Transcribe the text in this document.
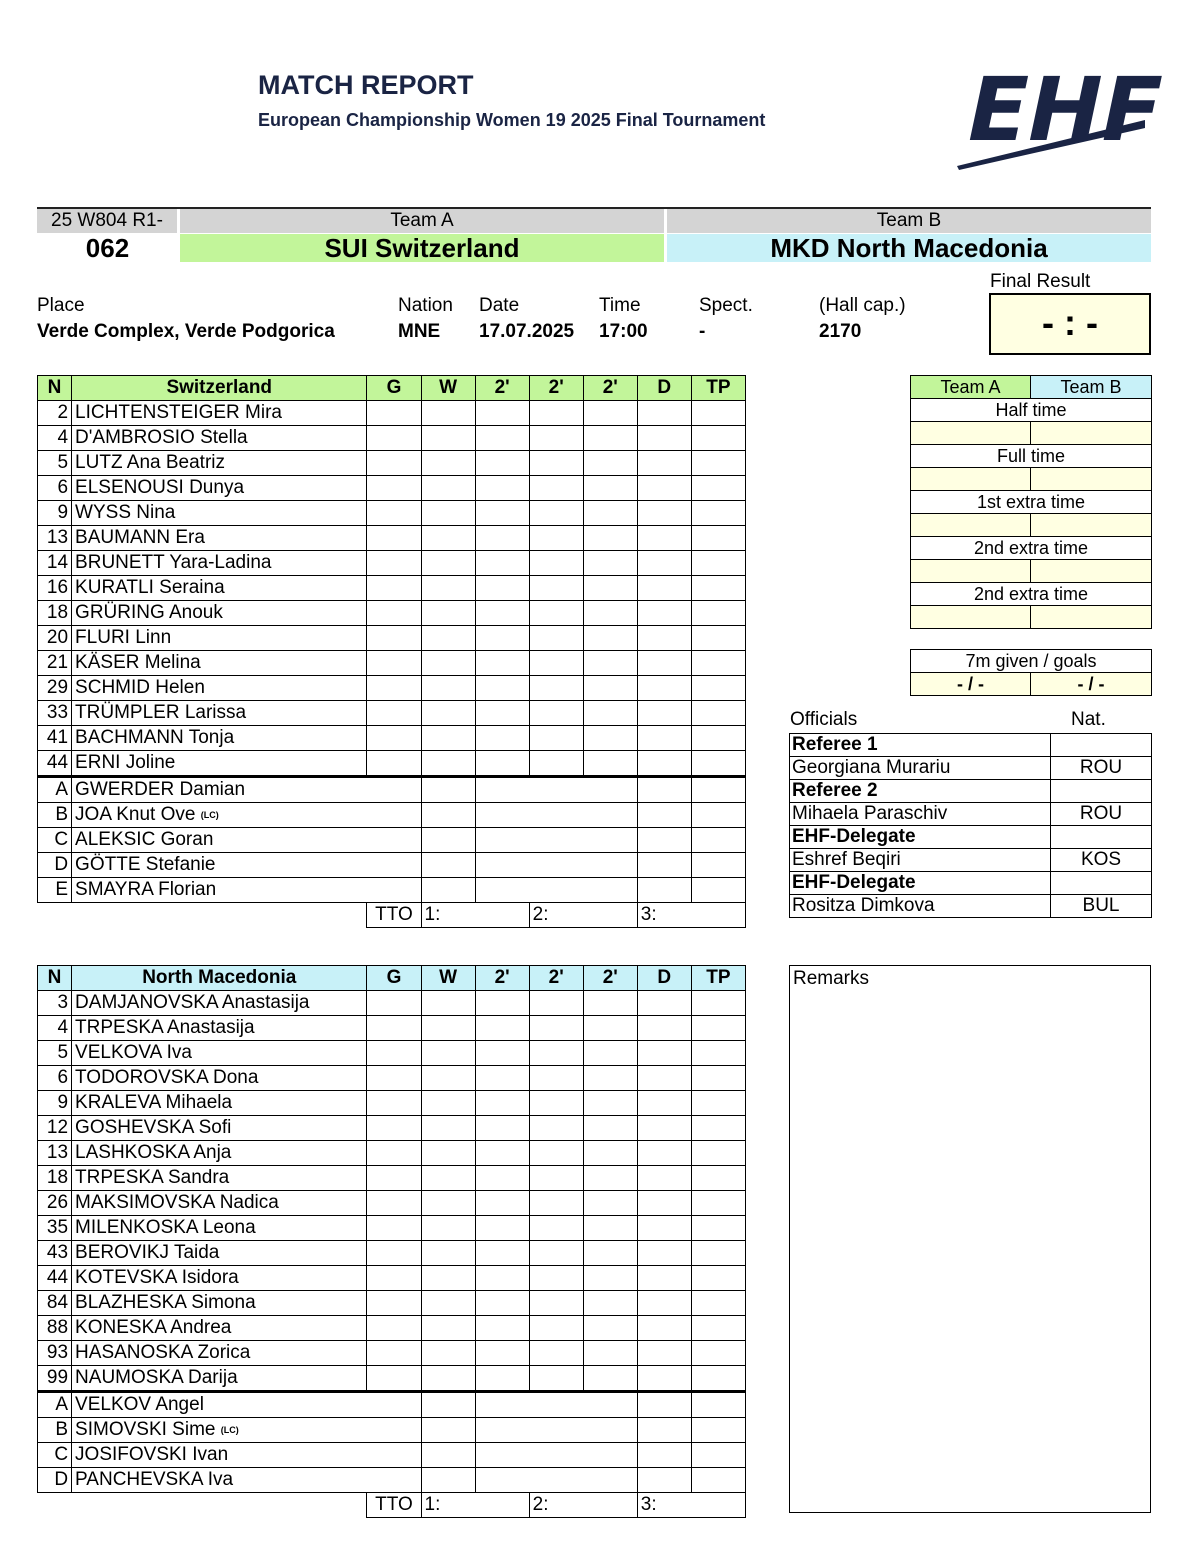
MATCH REPORT
European Championship Women 19 2025 Final Tournament EHF
25 W804 R1-	Team A	Team B
062	SUI Switzerland	MKD North Macedonia
Place
Verde Complex, Verde Podgorica
Nation
MNE
Date
17.07.2025
Time
17:00
Spect.
-
(Hall cap.)
2170
Final Result
- : -
N	Switzerland	G	W	2'	2'	2'	D	TP
2	LICHTENSTEIGER Mira							
4	D'AMBROSIO Stella							
5	LUTZ Ana Beatriz							
6	ELSENOUSI Dunya							
9	WYSS Nina							
13	BAUMANN Era							
14	BRUNETT Yara-Ladina							
16	KURATLI Seraina							
18	GRÜRING Anouk							
20	FLURI Linn							
21	KÄSER Melina							
29	SCHMID Helen							
33	TRÜMPLER Larissa							
41	BACHMANN Tonja							
44	ERNI Joline							
A	GWERDER Damian							
B	JOA Knut Ove (LC)							
C	ALEKSIC Goran							
D	GÖTTE Stefanie							
E	SMAYRA Florian							
		TTO	1:		2:		3:	
N	North Macedonia	G	W	2'	2'	2'	D	TP
3	DAMJANOVSKA Anastasija							
4	TRPESKA Anastasija							
5	VELKOVA Iva							
6	TODOROVSKA Dona							
9	KRALEVA Mihaela							
12	GOSHEVSKA Sofi							
13	LASHKOSKA Anja							
18	TRPESKA Sandra							
26	MAKSIMOVSKA Nadica							
35	MILENKOSKA Leona							
43	BEROVIKJ Taida							
44	KOTEVSKA Isidora							
84	BLAZHESKA Simona							
88	KONESKA Andrea							
93	HASANOSKA Zorica							
99	NAUMOSKA Darija							
A	VELKOV Angel							
B	SIMOVSKI Sime (LC)							
C	JOSIFOVSKI Ivan							
D	PANCHEVSKA Iva							
		TTO	1:		2:		3:	
Team A	Team B
Half time	

Full time	

1st extra time	

2nd extra time	

2nd extra time	

7m given / goals
- / -	- / -
Officials	Nat.
Referee 1	
Georgiana Murariu	ROU
Referee 2	
Mihaela Paraschiv	ROU
EHF-Delegate	
Eshref Beqiri	KOS
EHF-Delegate	
Rositza Dimkova	BUL
Remarks
